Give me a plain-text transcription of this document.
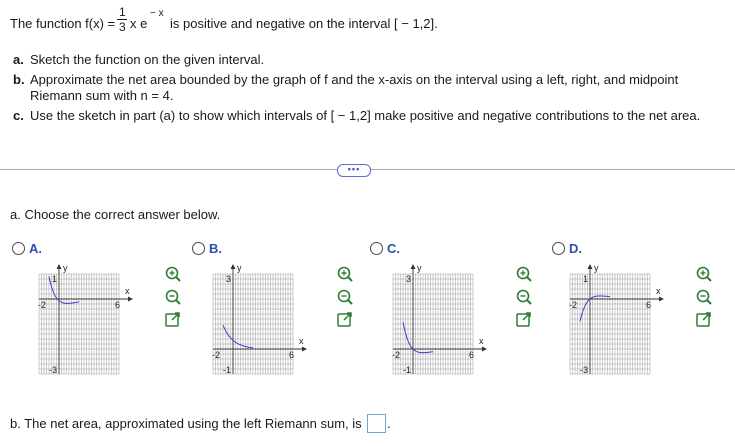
The function f(x) =
1
3 x e
− x
is positive and negative on the interval [ − 1,2].
a. Sketch the function on the given interval.
b. Approximate the net area bounded by the graph of f and the x-axis on the interval using a left, right, and midpoint
Riemann sum with n = 4.
c. Use the sketch in part (a) to show which intervals of [ − 1,2] make positive and negative contributions to the net area.
•••
a. Choose the correct answer below.
A.	B.	C.	D.
y
x
1
-3
-2	6
y
x
3
-1
-2	6
y
x
3
-1
-2	6
y
x
1
-3
-2	6
b. The net area, approximated using the left Riemann sum, is .
